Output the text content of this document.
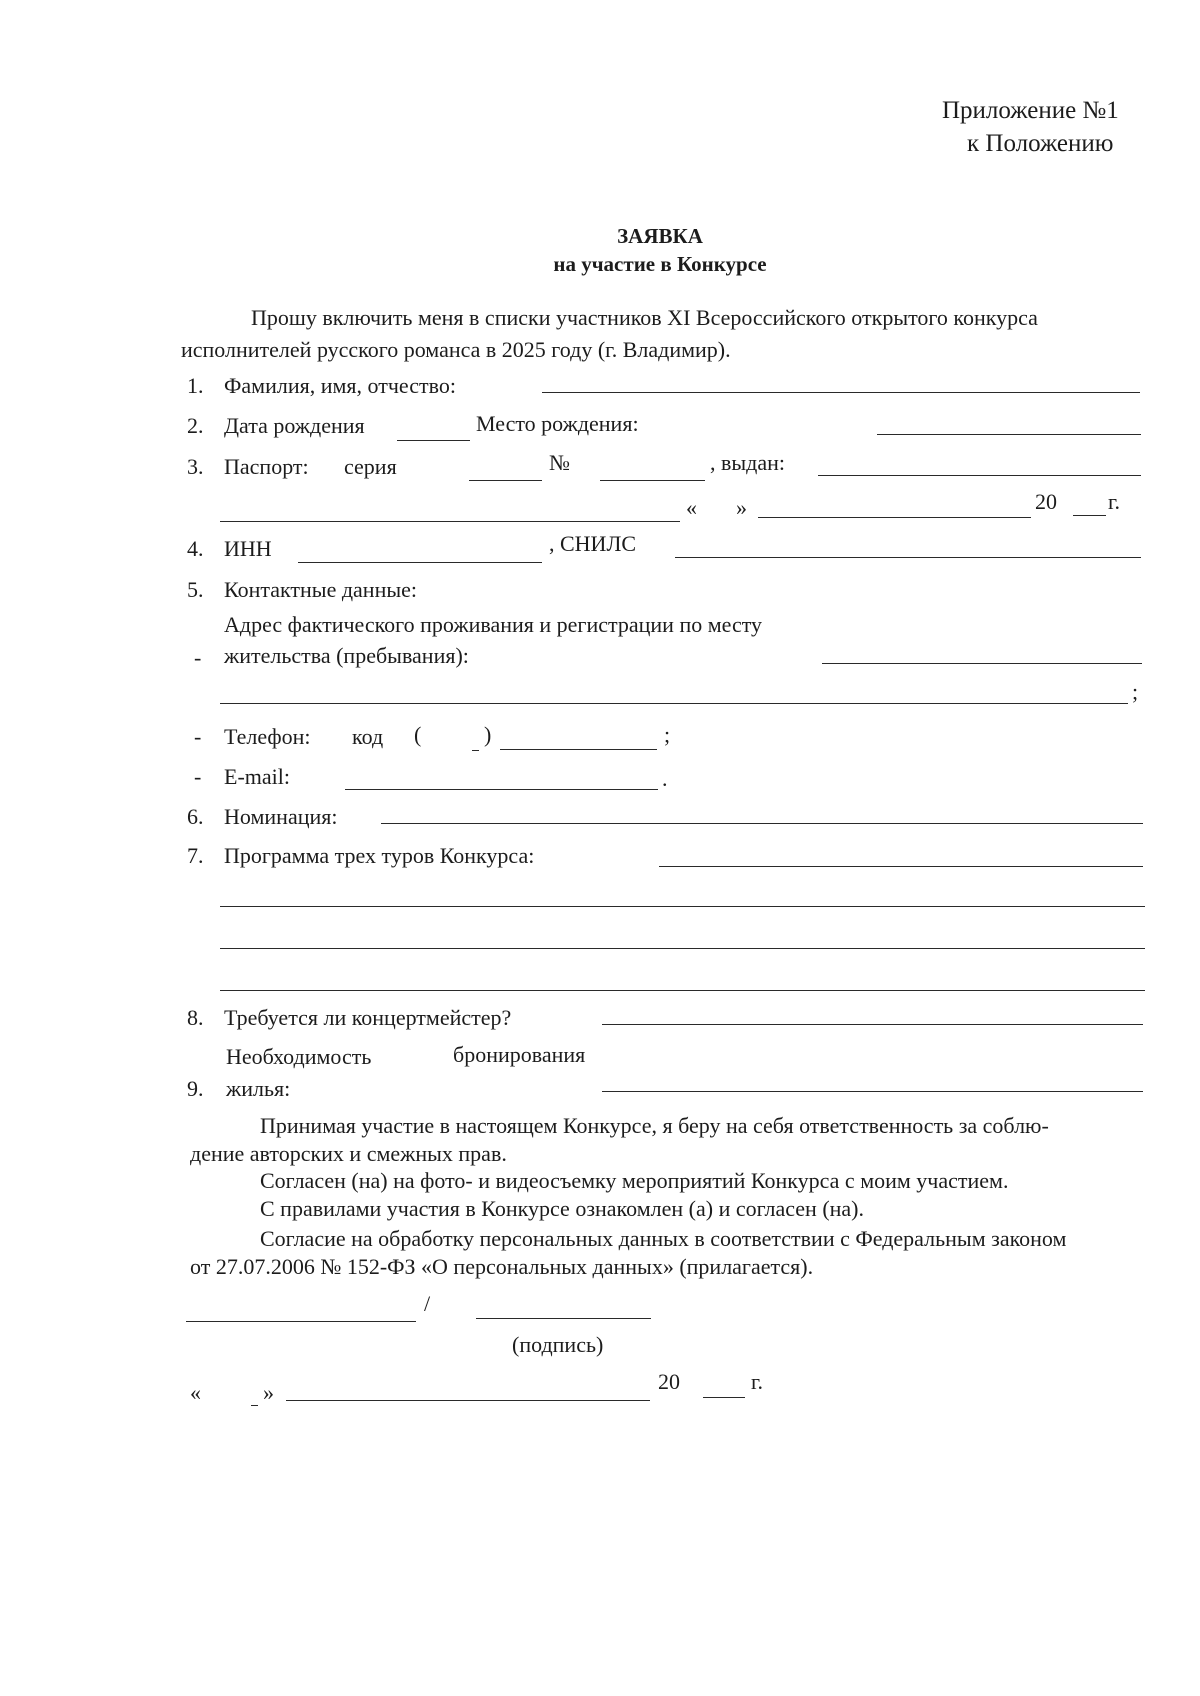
Приложение №1
к Положению
ЗАЯВКА
на участие в Конкурсе
Прошу включить меня в списки участников XI Всероссийского открытого конкурса
исполнителей русского романса в 2025 году (г. Владимир).
1. Фамилия, имя, отчество:
2. Дата рождения	Место рождения:
3. Паспорт: серия	№	, выдан:
« »	20 г.
4. ИНН	, СНИЛС
5. Контактные данные:
Адрес фактического проживания и регистрации по месту
- жительства (пребывания):
;
- Телефон: код (	)	;
- E-mail:	.
6. Номинация:
7. Программа трех туров Конкурса:
8. Требуется ли концертмейстер?
Необходимость	бронирования
9. жилья:
Принимая участие в настоящем Конкурсе, я беру на себя ответственность за соблю-
дение авторских и смежных прав.
Согласен (на) на фото- и видеосъемку мероприятий Конкурса с моим участием.
С правилами участия в Конкурсе ознакомлен (а) и согласен (на).
Согласие на обработку персональных данных в соответствии с Федеральным законом
от 27.07.2006 № 152-ФЗ «О персональных данных» (прилагается).
/
(подпись)
«	»	20	г.
